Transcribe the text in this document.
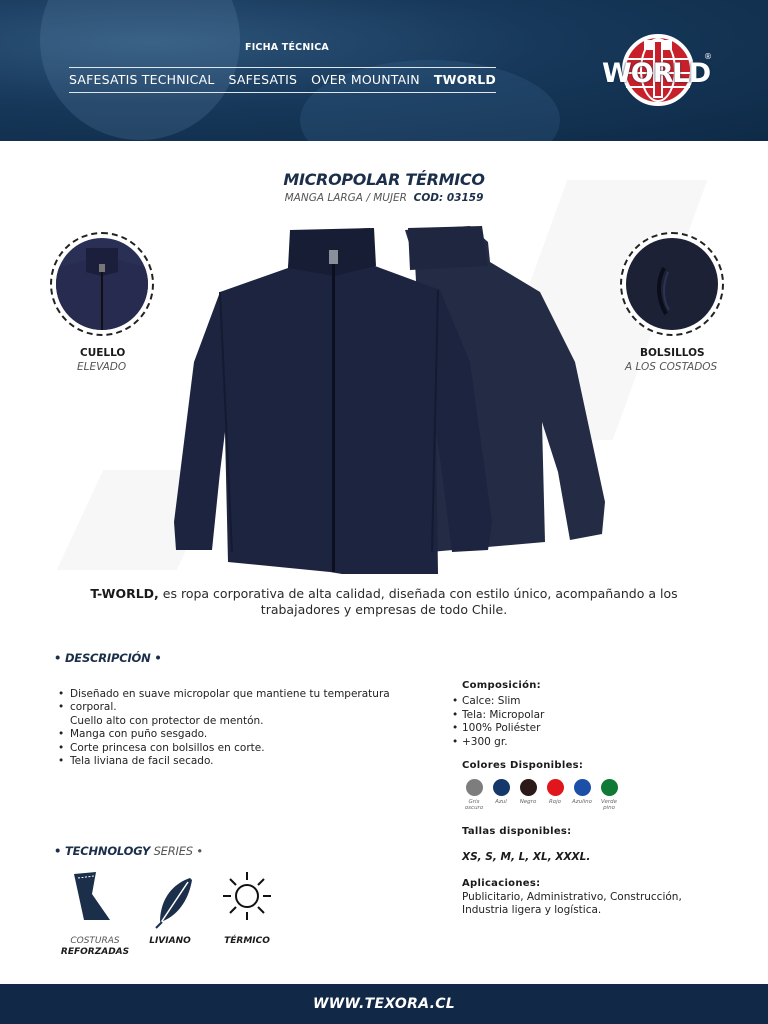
FICHA TÉCNICA
SAFESATIS TECHNICAL SAFESATIS OVER MOUNTAIN TWORLD	WORLD
®
MICROPOLAR TÉRMICO
MANGA LARGA / MUJER COD: 03159
CUELLO
ELEVADO
BOLSILLOS
A LOS COSTADOS
T-WORLD, es ropa corporativa de alta calidad, diseñada con estilo único, acompañando a los trabajadores y empresas de todo Chile.
• DESCRIPCIÓN •
• Diseñado en suave micropolar que mantiene tu temperatura
• corporal.
Cuello alto con protector de mentón.
• Manga con puño sesgado.
• Corte princesa con bolsillos en corte.
• Tela liviana de facil secado.
Composición:
• Calce: Slim
• Tela: Micropolar
• 100% Poliéster
• +300 gr.
Colores Disponibles:
Gris oscuro
Azul	Negro	Rojo	Azulino	Verde pino
Tallas disponibles:
XS, S, M, L, XL, XXXL.
Aplicaciones:
Publicitario, Administrativo, Construcción, Industria ligera y logística.
• TECHNOLOGY SERIES •
COSTURAS
REFORZADAS
LIVIANO	TÉRMICO
WWW.TEXORA.CL
